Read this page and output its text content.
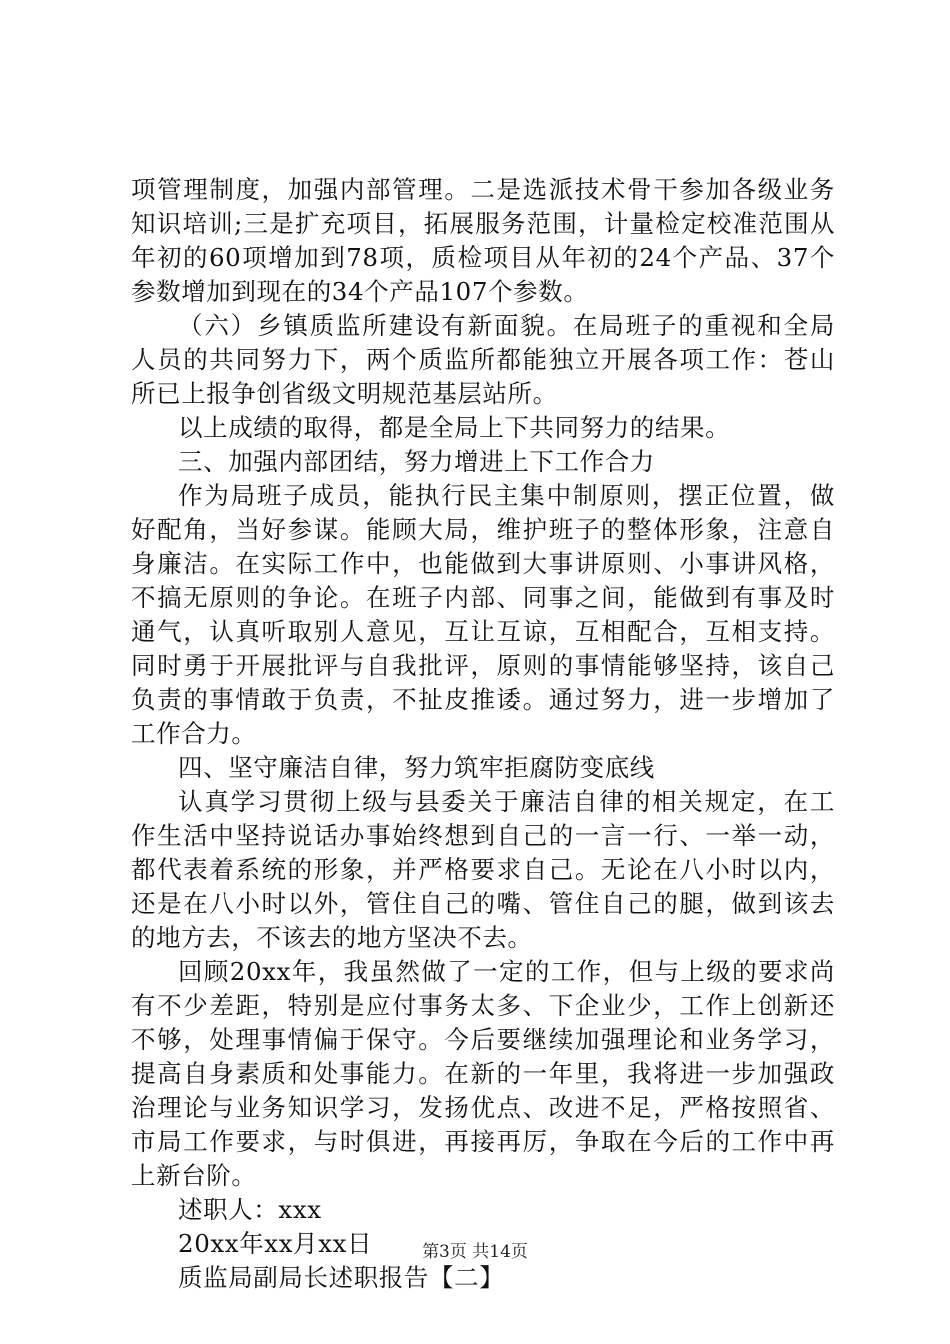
项管理制度，加强内部管理。二是选派技术骨干参加各级业务
知识培训;三是扩充项目，拓展服务范围，计量检定校准范围从
年初的60项增加到78项，质检项目从年初的24个产品、37个
参数增加到现在的34个产品107个参数。
（六）乡镇质监所建设有新面貌。在局班子的重视和全局
人员的共同努力下，两个质监所都能独立开展各项工作：苍山
所已上报争创省级文明规范基层站所。
以上成绩的取得，都是全局上下共同努力的结果。
三、加强内部团结，努力增进上下工作合力
作为局班子成员，能执行民主集中制原则，摆正位置，做
好配角，当好参谋。能顾大局，维护班子的整体形象，注意自
身廉洁。在实际工作中，也能做到大事讲原则、小事讲风格，
不搞无原则的争论。在班子内部、同事之间，能做到有事及时
通气，认真听取别人意见，互让互谅，互相配合，互相支持。
同时勇于开展批评与自我批评，原则的事情能够坚持，该自己
负责的事情敢于负责，不扯皮推诿。通过努力，进一步增加了
工作合力。
四、坚守廉洁自律，努力筑牢拒腐防变底线
认真学习贯彻上级与县委关于廉洁自律的相关规定，在工
作生活中坚持说话办事始终想到自己的一言一行、一举一动，
都代表着系统的形象，并严格要求自己。无论在八小时以内，
还是在八小时以外，管住自己的嘴、管住自己的腿，做到该去
的地方去，不该去的地方坚决不去。
回顾20xx年，我虽然做了一定的工作，但与上级的要求尚
有不少差距，特别是应付事务太多、下企业少，工作上创新还
不够，处理事情偏于保守。今后要继续加强理论和业务学习，
提高自身素质和处事能力。在新的一年里，我将进一步加强政
治理论与业务知识学习，发扬优点、改进不足，严格按照省、
市局工作要求，与时俱进，再接再厉，争取在今后的工作中再
上新台阶。
述职人：xxx
20xx年xx月xx日
质监局副局长述职报告【二】
第3页 共14页
